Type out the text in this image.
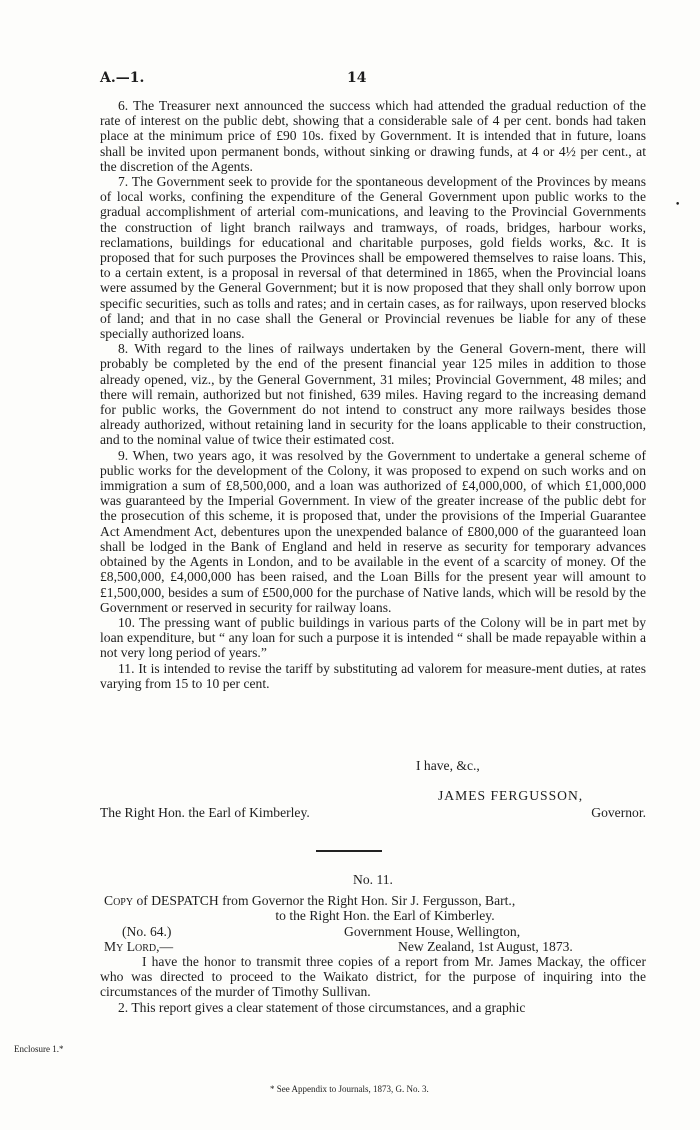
A.—1.	14
•

6. The Treasurer next announced the success which had attended the gradual reduction of the rate of interest on the public debt, showing that a considerable sale of 4 per cent. bonds had taken place at the minimum price of £90 10s. fixed by Government. It is intended that in future, loans shall be invited upon permanent bonds, without sinking or drawing funds, at 4 or 4½ per cent., at the discretion of the Agents.

7. The Government seek to provide for the spontaneous development of the Provinces by means of local works, confining the expenditure of the General Government upon public works to the gradual accomplishment of arterial com-munications, and leaving to the Provincial Governments the construction of light branch railways and tramways, of roads, bridges, harbour works, reclamations, buildings for educational and charitable purposes, gold fields works, &c. It is proposed that for such purposes the Provinces shall be empowered themselves to raise loans. This, to a certain extent, is a proposal in reversal of that determined in 1865, when the Provincial loans were assumed by the General Government; but it is now proposed that they shall only borrow upon specific securities, such as tolls and rates; and in certain cases, as for railways, upon reserved blocks of land; and that in no case shall the General or Provincial revenues be liable for any of these specially authorized loans.

8. With regard to the lines of railways undertaken by the General Govern-ment, there will probably be completed by the end of the present financial year 125 miles in addition to those already opened, viz., by the General Government, 31 miles; Provincial Government, 48 miles; and there will remain, authorized but not finished, 639 miles. Having regard to the increasing demand for public works, the Government do not intend to construct any more railways besides those already authorized, without retaining land in security for the loans applicable to their construction, and to the nominal value of twice their estimated cost.

9. When, two years ago, it was resolved by the Government to undertake a general scheme of public works for the development of the Colony, it was proposed to expend on such works and on immigration a sum of £8,500,000, and a loan was authorized of £4,000,000, of which £1,000,000 was guaranteed by the Imperial Government. In view of the greater increase of the public debt for the prosecution of this scheme, it is proposed that, under the provisions of the Imperial Guarantee Act Amendment Act, debentures upon the unexpended balance of £800,000 of the guaranteed loan shall be lodged in the Bank of England and held in reserve as security for temporary advances obtained by the Agents in London, and to be available in the event of a scarcity of money. Of the £8,500,000, £4,000,000 has been raised, and the Loan Bills for the present year will amount to £1,500,000, besides a sum of £500,000 for the purchase of Native lands, which will be resold by the Government or reserved in security for railway loans.

10. The pressing want of public buildings in various parts of the Colony will be in part met by loan expenditure, but “ any loan for such a purpose it is intended “ shall be made repayable within a not very long period of years.”

11. It is intended to revise the tariff by substituting ad valorem for measure-ment duties, at rates varying from 15 to 10 per cent.

I have, &c.,
JAMES FERGUSSON,
The Right Hon. the Earl of Kimberley.	Governor.
No. 11.
Copy of DESPATCH from Governor the Right Hon. Sir J. Fergusson, Bart.,
to the Right Hon. the Earl of Kimberley.
(No. 64.)	Government House, Wellington,
My Lord,—	New Zealand, 1st August, 1873.

I have the honor to transmit three copies of a report from Mr. James Mackay, the officer who was directed to proceed to the Waikato district, for the purpose of inquiring into the circumstances of the murder of Timothy Sullivan.

2. This report gives a clear statement of those circumstances, and a graphic

Enclosure 1.*
* See Appendix to Journals, 1873, G. No. 3.
